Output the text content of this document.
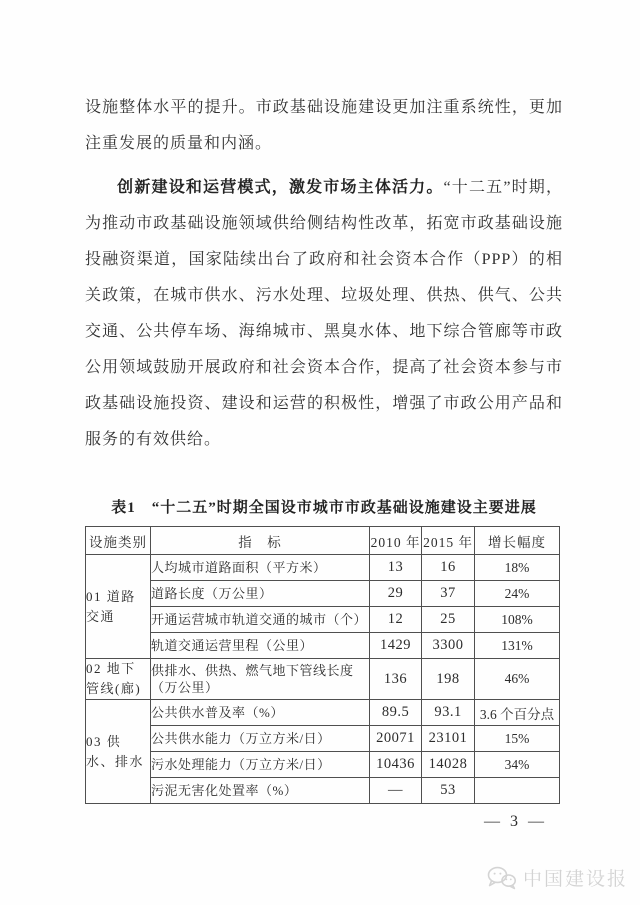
设施整体水平的提升。市政基础设施建设更加注重系统性，更加注重发展的质量和内涵。

创新建设和运营模式，激发市场主体活力。“十二五”时期，为推动市政基础设施领域供给侧结构性改革，拓宽市政基础设施投融资渠道，国家陆续出台了政府和社会资本合作（PPP）的相关政策，在城市供水、污水处理、垃圾处理、供热、供气、公共交通、公共停车场、海绵城市、黑臭水体、地下综合管廊等市政公用领域鼓励开展政府和社会资本合作，提高了社会资本参与市政基础设施投资、建设和运营的积极性，增强了市政公用产品和服务的有效供给。

表1　“十二五”时期全国设市城市市政基础设施建设主要进展
设施类别	指　标	2010 年	2015 年	增长幅度
01 道路交通	人均城市道路面积（平方米）	13	16	18%
	道路长度（万公里）	29	37	24%
	开通运营城市轨道交通的城市（个）	12	25	108%
	轨道交通运营里程（公里）	1429	3300	131%
02 地下管线(廊)	供排水、供热、燃气地下管线长度（万公里）	136	198	46%
03 供水、排水	公共供水普及率（%）	89.5	93.1	3.6 个百分点
	公共供水能力（万立方米/日）	20071	23101	15%
	污水处理能力（万立方米/日）	10436	14028	34%
	污泥无害化处置率（%）	—	53	
— 3 —
中国建设报
